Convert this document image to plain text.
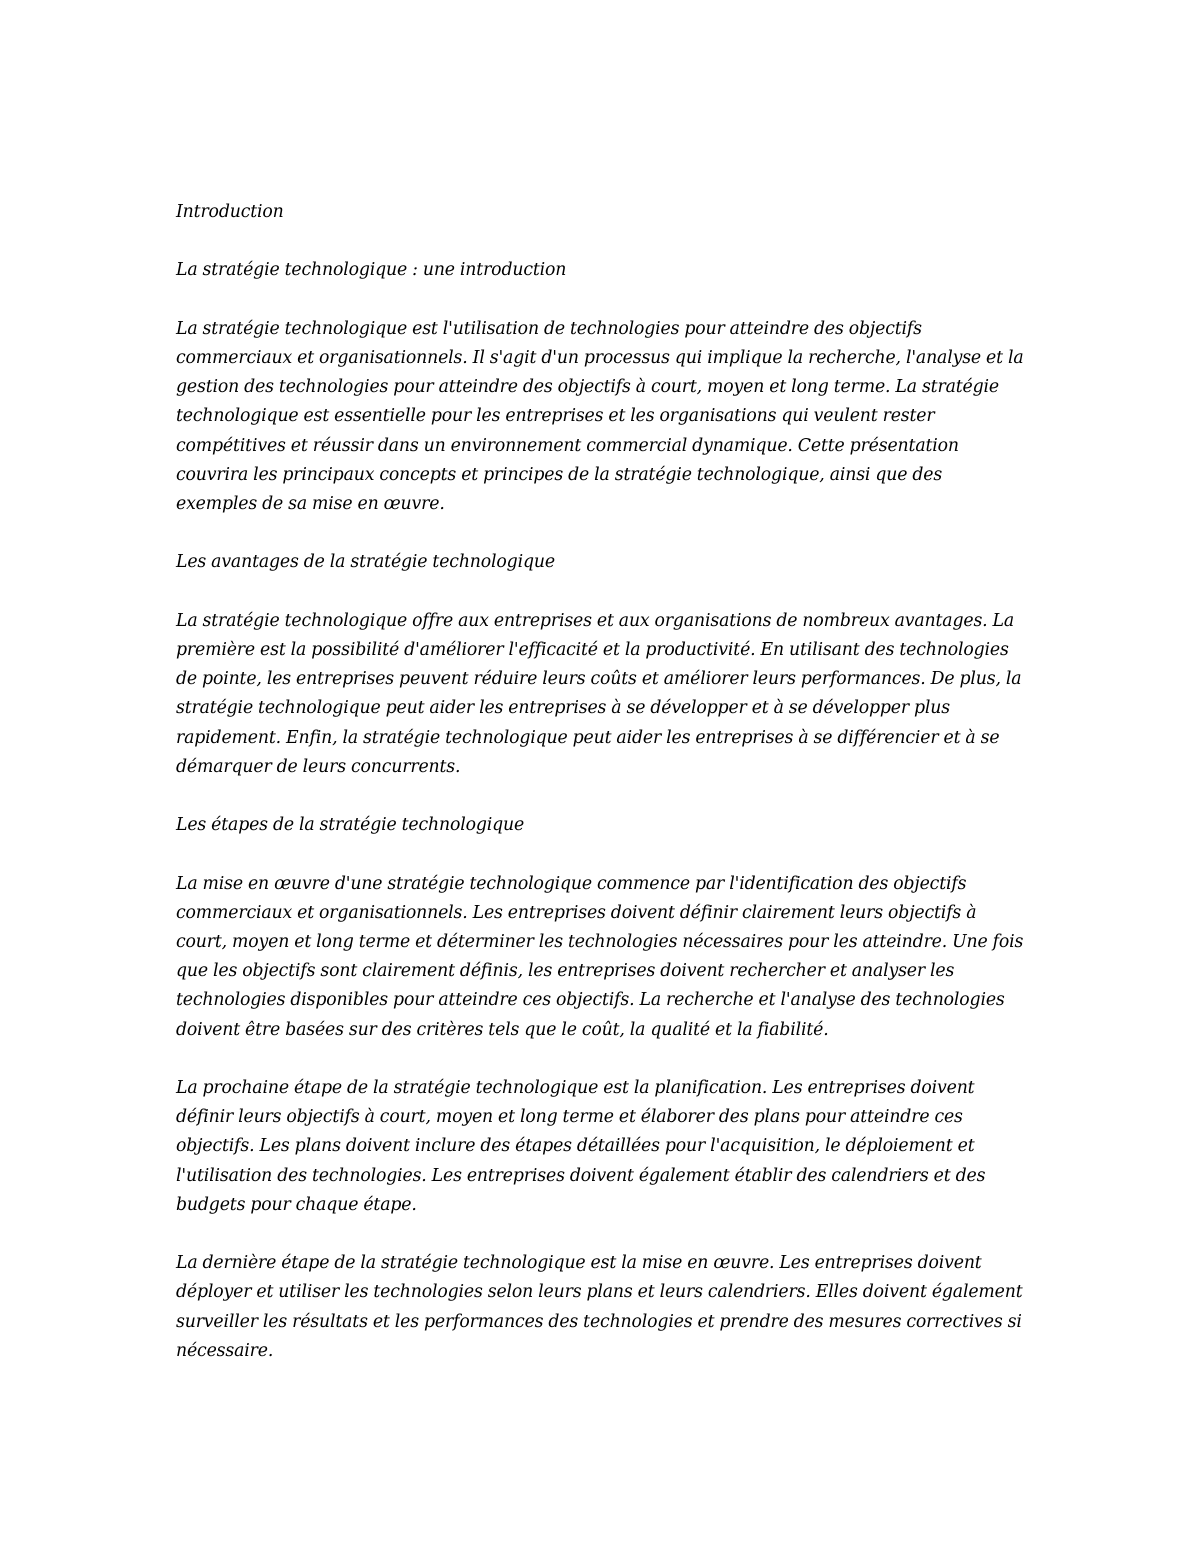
Introduction

La stratégie technologique : une introduction

La stratégie technologique est l'utilisation de technologies pour atteindre des objectifs commerciaux et organisationnels. Il s'agit d'un processus qui implique la recherche, l'analyse et la gestion des technologies pour atteindre des objectifs à court, moyen et long terme. La stratégie technologique est essentielle pour les entreprises et les organisations qui veulent rester compétitives et réussir dans un environnement commercial dynamique. Cette présentation couvrira les principaux concepts et principes de la stratégie technologique, ainsi que des exemples de sa mise en œuvre.

Les avantages de la stratégie technologique

La stratégie technologique offre aux entreprises et aux organisations de nombreux avantages. La première est la possibilité d'améliorer l'efficacité et la productivité. En utilisant des technologies de pointe, les entreprises peuvent réduire leurs coûts et améliorer leurs performances. De plus, la stratégie technologique peut aider les entreprises à se développer et à se développer plus rapidement. Enfin, la stratégie technologique peut aider les entreprises à se différencier et à se démarquer de leurs concurrents.

Les étapes de la stratégie technologique

La mise en œuvre d'une stratégie technologique commence par l'identification des objectifs commerciaux et organisationnels. Les entreprises doivent définir clairement leurs objectifs à court, moyen et long terme et déterminer les technologies nécessaires pour les atteindre. Une fois que les objectifs sont clairement définis, les entreprises doivent rechercher et analyser les technologies disponibles pour atteindre ces objectifs. La recherche et l'analyse des technologies doivent être basées sur des critères tels que le coût, la qualité et la fiabilité.

La prochaine étape de la stratégie technologique est la planification. Les entreprises doivent définir leurs objectifs à court, moyen et long terme et élaborer des plans pour atteindre ces objectifs. Les plans doivent inclure des étapes détaillées pour l'acquisition, le déploiement et l'utilisation des technologies. Les entreprises doivent également établir des calendriers et des budgets pour chaque étape.

La dernière étape de la stratégie technologique est la mise en œuvre. Les entreprises doivent déployer et utiliser les technologies selon leurs plans et leurs calendriers. Elles doivent également surveiller les résultats et les performances des technologies et prendre des mesures correctives si nécessaire.
